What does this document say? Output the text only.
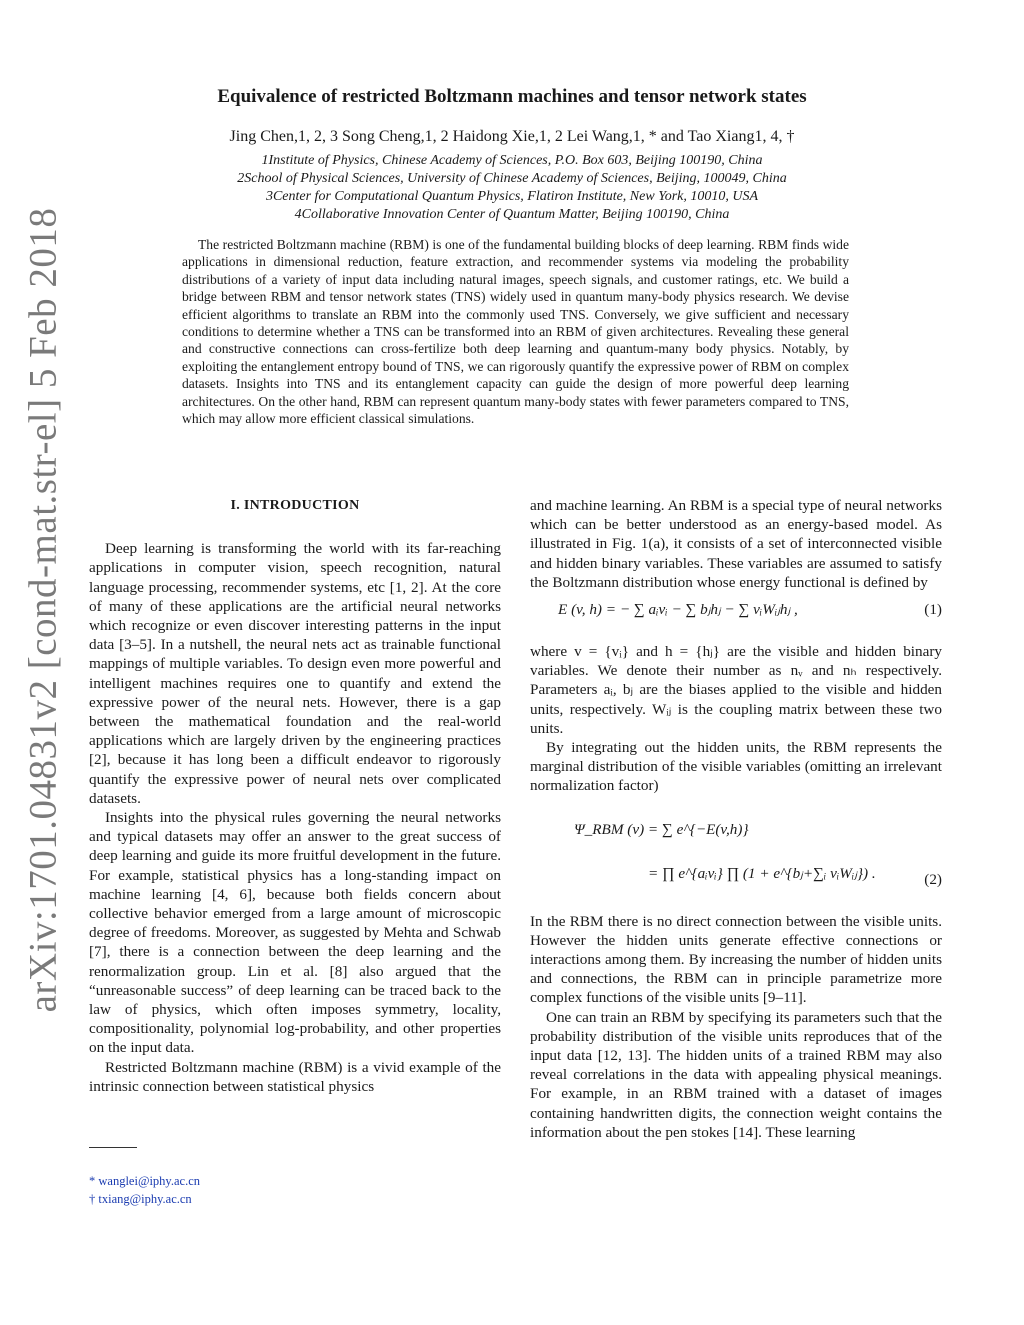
arXiv:1701.04831v2 [cond-mat.str-el] 5 Feb 2018
Equivalence of restricted Boltzmann machines and tensor network states
Jing Chen,1, 2, 3 Song Cheng,1, 2 Haidong Xie,1, 2 Lei Wang,1, * and Tao Xiang1, 4, †
1Institute of Physics, Chinese Academy of Sciences, P.O. Box 603, Beijing 100190, China
2School of Physical Sciences, University of Chinese Academy of Sciences, Beijing, 100049, China
3Center for Computational Quantum Physics, Flatiron Institute, New York, 10010, USA
4Collaborative Innovation Center of Quantum Matter, Beijing 100190, China
The restricted Boltzmann machine (RBM) is one of the fundamental building blocks of deep learning. RBM finds wide applications in dimensional reduction, feature extraction, and recommender systems via modeling the probability distributions of a variety of input data including natural images, speech signals, and customer ratings, etc. We build a bridge between RBM and tensor network states (TNS) widely used in quantum many-body physics research. We devise efficient algorithms to translate an RBM into the commonly used TNS. Conversely, we give sufficient and necessary conditions to determine whether a TNS can be transformed into an RBM of given architectures. Revealing these general and constructive connections can cross-fertilize both deep learning and quantum-many body physics. Notably, by exploiting the entanglement entropy bound of TNS, we can rigorously quantify the expressive power of RBM on complex datasets. Insights into TNS and its entanglement capacity can guide the design of more powerful deep learning architectures. On the other hand, RBM can represent quantum many-body states with fewer parameters compared to TNS, which may allow more efficient classical simulations.
I. INTRODUCTION

Deep learning is transforming the world with its far-reaching applications in computer vision, speech recognition, natural language processing, recommender systems, etc [1, 2]. At the core of many of these applications are the artificial neural networks which recognize or even discover interesting patterns in the input data [3–5]. In a nutshell, the neural nets act as trainable functional mappings of multiple variables. To design even more powerful and intelligent machines requires one to quantify and extend the expressive power of the neural nets. However, there is a gap between the mathematical foundation and the real-world applications which are largely driven by the engineering practices [2], because it has long been a difficult endeavor to rigorously quantify the expressive power of neural nets over complicated datasets.

Insights into the physical rules governing the neural networks and typical datasets may offer an answer to the great success of deep learning and guide its more fruitful development in the future. For example, statistical physics has a long-standing impact on machine learning [4, 6], because both fields concern about collective behavior emerged from a large amount of microscopic degree of freedoms. Moreover, as suggested by Mehta and Schwab [7], there is a connection between the deep learning and the renormalization group. Lin et al. [8] also argued that the “unreasonable success” of deep learning can be traced back to the law of physics, which often imposes symmetry, locality, compositionality, polynomial log-probability, and other properties on the input data.

Restricted Boltzmann machine (RBM) is a vivid example of the intrinsic connection between statistical physics

and machine learning. An RBM is a special type of neural networks which can be better understood as an energy-based model. As illustrated in Fig. 1(a), it consists of a set of interconnected visible and hidden binary variables. These variables are assumed to satisfy the Boltzmann distribution whose energy functional is defined by

E (v, h) = − ∑ aᵢvᵢ − ∑ bⱼhⱼ − ∑ vᵢWᵢⱼhⱼ ,	(1)

where v = {vᵢ} and h = {hⱼ} are the visible and hidden binary variables. We denote their number as nᵥ and nₕ respectively. Parameters aᵢ, bⱼ are the biases applied to the visible and hidden units, respectively. Wᵢⱼ is the coupling matrix between these two units.

By integrating out the hidden units, the RBM represents the marginal distribution of the visible variables (omitting an irrelevant normalization factor)

Ψ_RBM (v) = ∑ e^{−E(v,h)}
= ∏ e^{aᵢvᵢ} ∏ (1 + e^{bⱼ+∑ᵢ vᵢWᵢⱼ}) .	(2)

In the RBM there is no direct connection between the visible units. However the hidden units generate effective connections or interactions among them. By increasing the number of hidden units and connections, the RBM can in principle parametrize more complex functions of the visible units [9–11].

One can train an RBM by specifying its parameters such that the probability distribution of the visible units reproduces that of the input data [12, 13]. The hidden units of a trained RBM may also reveal correlations in the data with appealing physical meanings. For example, in an RBM trained with a dataset of images containing handwritten digits, the connection weight contains the information about the pen stokes [14]. These learning

* wanglei@iphy.ac.cn
† txiang@iphy.ac.cn
